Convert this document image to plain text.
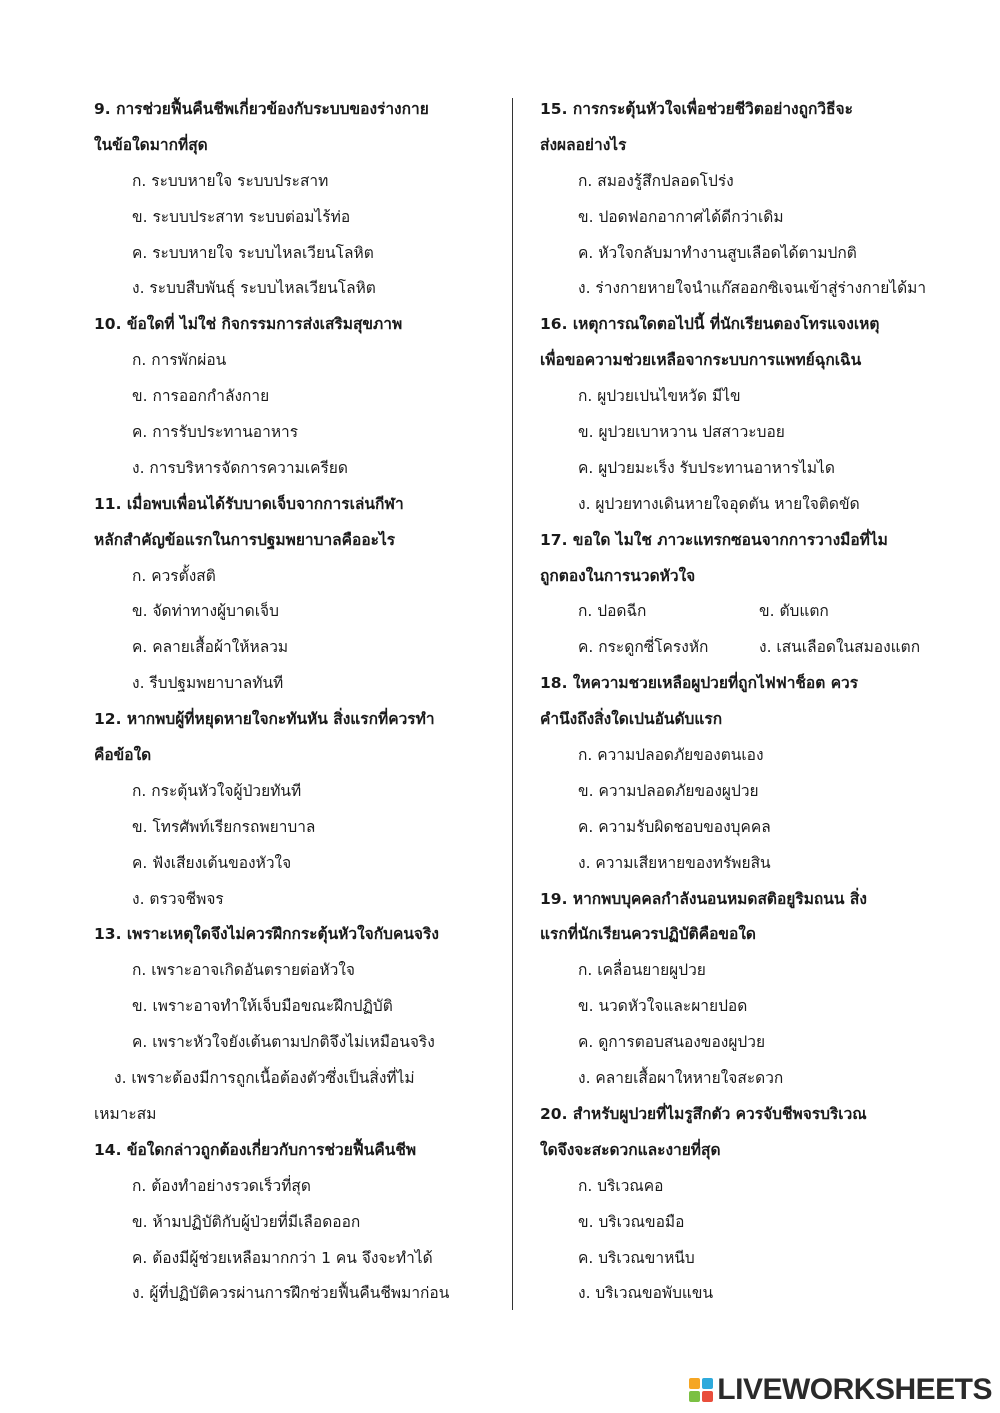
9. การช่วยฟื้นคืนชีพเกี่ยวข้องกับระบบของร่างกาย
ในข้อใดมากที่สุด
ก. ระบบหายใจ ระบบประสาท
ข. ระบบประสาท ระบบต่อมไร้ท่อ
ค. ระบบหายใจ ระบบไหลเวียนโลหิต
ง. ระบบสืบพันธุ์ ระบบไหลเวียนโลหิต
10. ข้อใดที่ ไม่ใช่ กิจกรรมการส่งเสริมสุขภาพ
ก. การพักผ่อน
ข. การออกกำลังกาย
ค. การรับประทานอาหาร
ง. การบริหารจัดการความเครียด
11. เมื่อพบเพื่อนได้รับบาดเจ็บจากการเล่นกีฬา
หลักสำคัญข้อแรกในการปฐมพยาบาลคืออะไร
ก. ควรตั้งสติ
ข. จัดท่าทางผู้บาดเจ็บ
ค. คลายเสื้อผ้าให้หลวม
ง. รีบปฐมพยาบาลทันที
12. หากพบผู้ที่หยุดหายใจกะทันหัน สิ่งแรกที่ควรทำ
คือข้อใด
ก. กระตุ้นหัวใจผู้ป่วยทันที
ข. โทรศัพท์เรียกรถพยาบาล
ค. ฟังเสียงเต้นของหัวใจ
ง. ตรวจชีพจร
13. เพราะเหตุใดจึงไม่ควรฝึกกระตุ้นหัวใจกับคนจริง
ก. เพราะอาจเกิดอันตรายต่อหัวใจ
ข. เพราะอาจทำให้เจ็บมือขณะฝึกปฏิบัติ
ค. เพราะหัวใจยังเต้นตามปกติจึงไม่เหมือนจริง
ง. เพราะต้องมีการถูกเนื้อต้องตัวซึ่งเป็นสิ่งที่ไม่
เหมาะสม
14. ข้อใดกล่าวถูกต้องเกี่ยวกับการช่วยฟื้นคืนชีพ
ก. ต้องทำอย่างรวดเร็วที่สุด
ข. ห้ามปฏิบัติกับผู้ป่วยที่มีเลือดออก
ค. ต้องมีผู้ช่วยเหลือมากกว่า 1 คน จึงจะทำได้
ง. ผู้ที่ปฏิบัติควรผ่านการฝึกช่วยฟื้นคืนชีพมาก่อน
15. การกระตุ้นหัวใจเพื่อช่วยชีวิตอย่างถูกวิธีจะ
ส่งผลอย่างไร
ก. สมองรู้สึกปลอดโปร่ง
ข. ปอดฟอกอากาศได้ดีกว่าเดิม
ค. หัวใจกลับมาทำงานสูบเลือดได้ตามปกติ
ง. ร่างกายหายใจนำแก๊สออกซิเจนเข้าสู่ร่างกายได้มา
16. เหตุการณใดตอไปนี้ ที่นักเรียนตองโทรแจงเหตุ
เพื่อขอความช่วยเหลือจากระบบการแพทย์ฉุกเฉิน
ก. ผูปวยเปนไขหวัด มีไข
ข. ผูปวยเบาหวาน ปสสาวะบอย
ค. ผูปวยมะเร็ง รับประทานอาหารไมได
ง. ผูปวยทางเดินหายใจอุดตัน หายใจติดขัด
17. ขอใด ไมใช ภาวะแทรกซอนจากการวางมือที่ไม
ถูกตองในการนวดหัวใจ
ก. ปอดฉีก	ข. ตับแตก
ค. กระดูกซี่โครงหัก	ง. เสนเลือดในสมองแตก
18. ใหความชวยเหลือผูปวยที่ถูกไฟฟาช็อต ควร
คำนึงถึงสิ่งใดเปนอันดับแรก
ก. ความปลอดภัยของตนเอง
ข. ความปลอดภัยของผูปวย
ค. ความรับผิดชอบของบุคคล
ง. ความเสียหายของทรัพยสิน
19. หากพบบุคคลกำลังนอนหมดสติอยูริมถนน สิ่ง
แรกที่นักเรียนควรปฏิบัติคือขอใด
ก. เคลื่อนยายผูปวย
ข. นวดหัวใจและผายปอด
ค. ดูการตอบสนองของผูปวย
ง. คลายเสื้อผาใหหายใจสะดวก
20. สำหรับผูปวยที่ไมรูสึกตัว ควรจับชีพจรบริเวณ
ใดจึงจะสะดวกและงายที่สุด
ก. บริเวณคอ
ข. บริเวณขอมือ
ค. บริเวณขาหนีบ
ง. บริเวณขอพับแขน
LIVEWORKSHEETS
